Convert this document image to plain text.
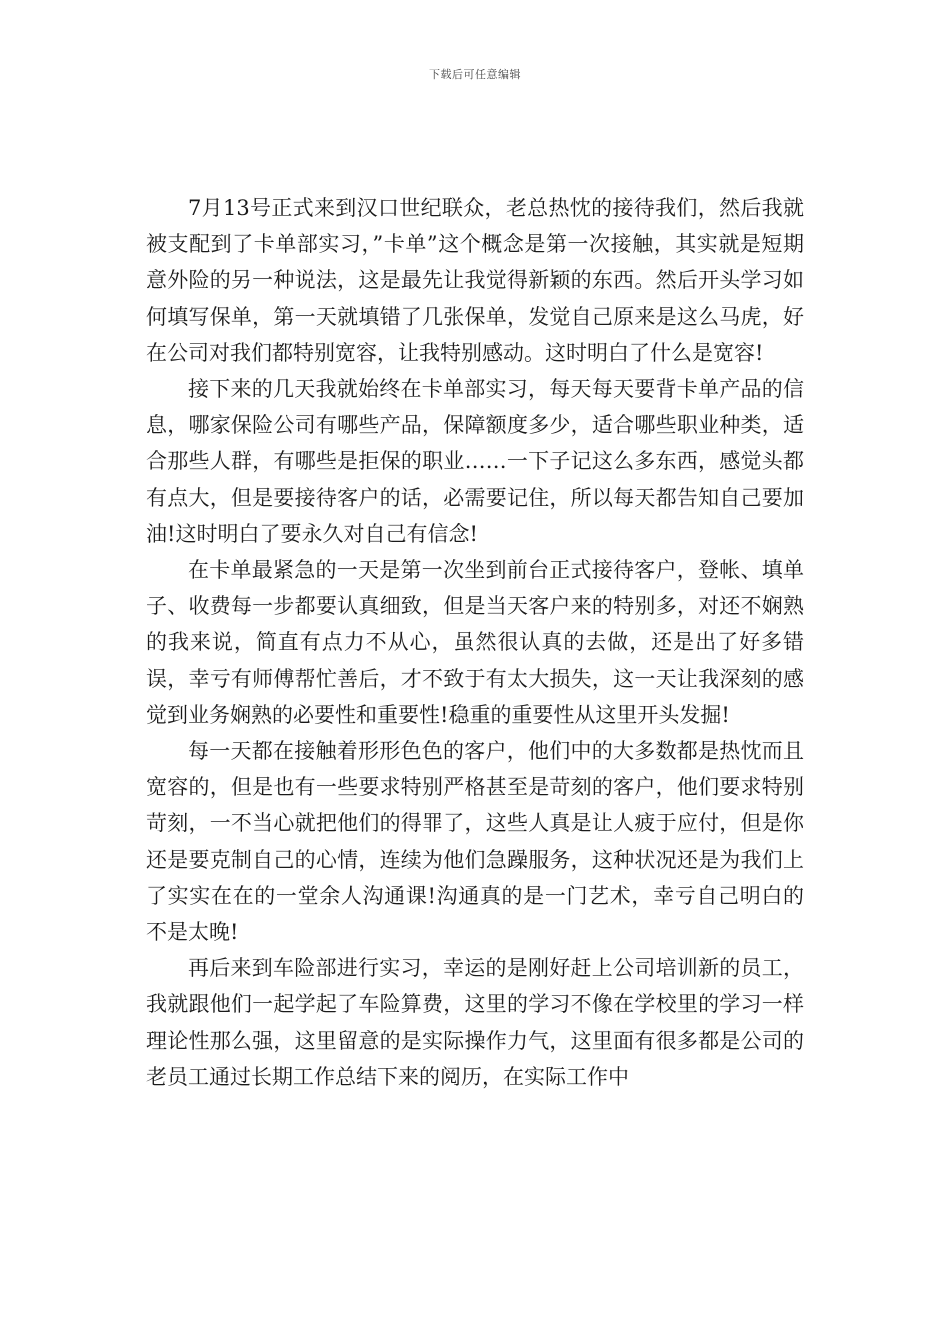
下载后可任意编辑

7月13号正式来到汉口世纪联众，老总热忱的接待我们，然后我就被支配到了卡单部实习，”卡单”这个概念是第一次接触，其实就是短期意外险的另一种说法，这是最先让我觉得新颖的东西。然后开头学习如何填写保单，第一天就填错了几张保单，发觉自己原来是这么马虎，好在公司对我们都特别宽容，让我特别感动。这时明白了什么是宽容!

接下来的几天我就始终在卡单部实习，每天每天要背卡单产品的信息，哪家保险公司有哪些产品，保障额度多少，适合哪些职业种类，适合那些人群，有哪些是拒保的职业……一下子记这么多东西，感觉头都有点大，但是要接待客户的话，必需要记住，所以每天都告知自己要加油!这时明白了要永久对自己有信念!

在卡单最紧急的一天是第一次坐到前台正式接待客户，登帐、填单子、收费每一步都要认真细致，但是当天客户来的特别多，对还不娴熟的我来说，简直有点力不从心，虽然很认真的去做，还是出了好多错误，幸亏有师傅帮忙善后，才不致于有太大损失，这一天让我深刻的感觉到业务娴熟的必要性和重要性!稳重的重要性从这里开头发掘!

每一天都在接触着形形色色的客户，他们中的大多数都是热忱而且宽容的，但是也有一些要求特别严格甚至是苛刻的客户，他们要求特别苛刻，一不当心就把他们的得罪了，这些人真是让人疲于应付，但是你还是要克制自己的心情，连续为他们急躁服务，这种状况还是为我们上了实实在在的一堂余人沟通课!沟通真的是一门艺术，幸亏自己明白的不是太晚!

再后来到车险部进行实习，幸运的是刚好赶上公司培训新的员工，我就跟他们一起学起了车险算费，这里的学习不像在学校里的学习一样理论性那么强，这里留意的是实际操作力气，这里面有很多都是公司的老员工通过长期工作总结下来的阅历，在实际工作中
